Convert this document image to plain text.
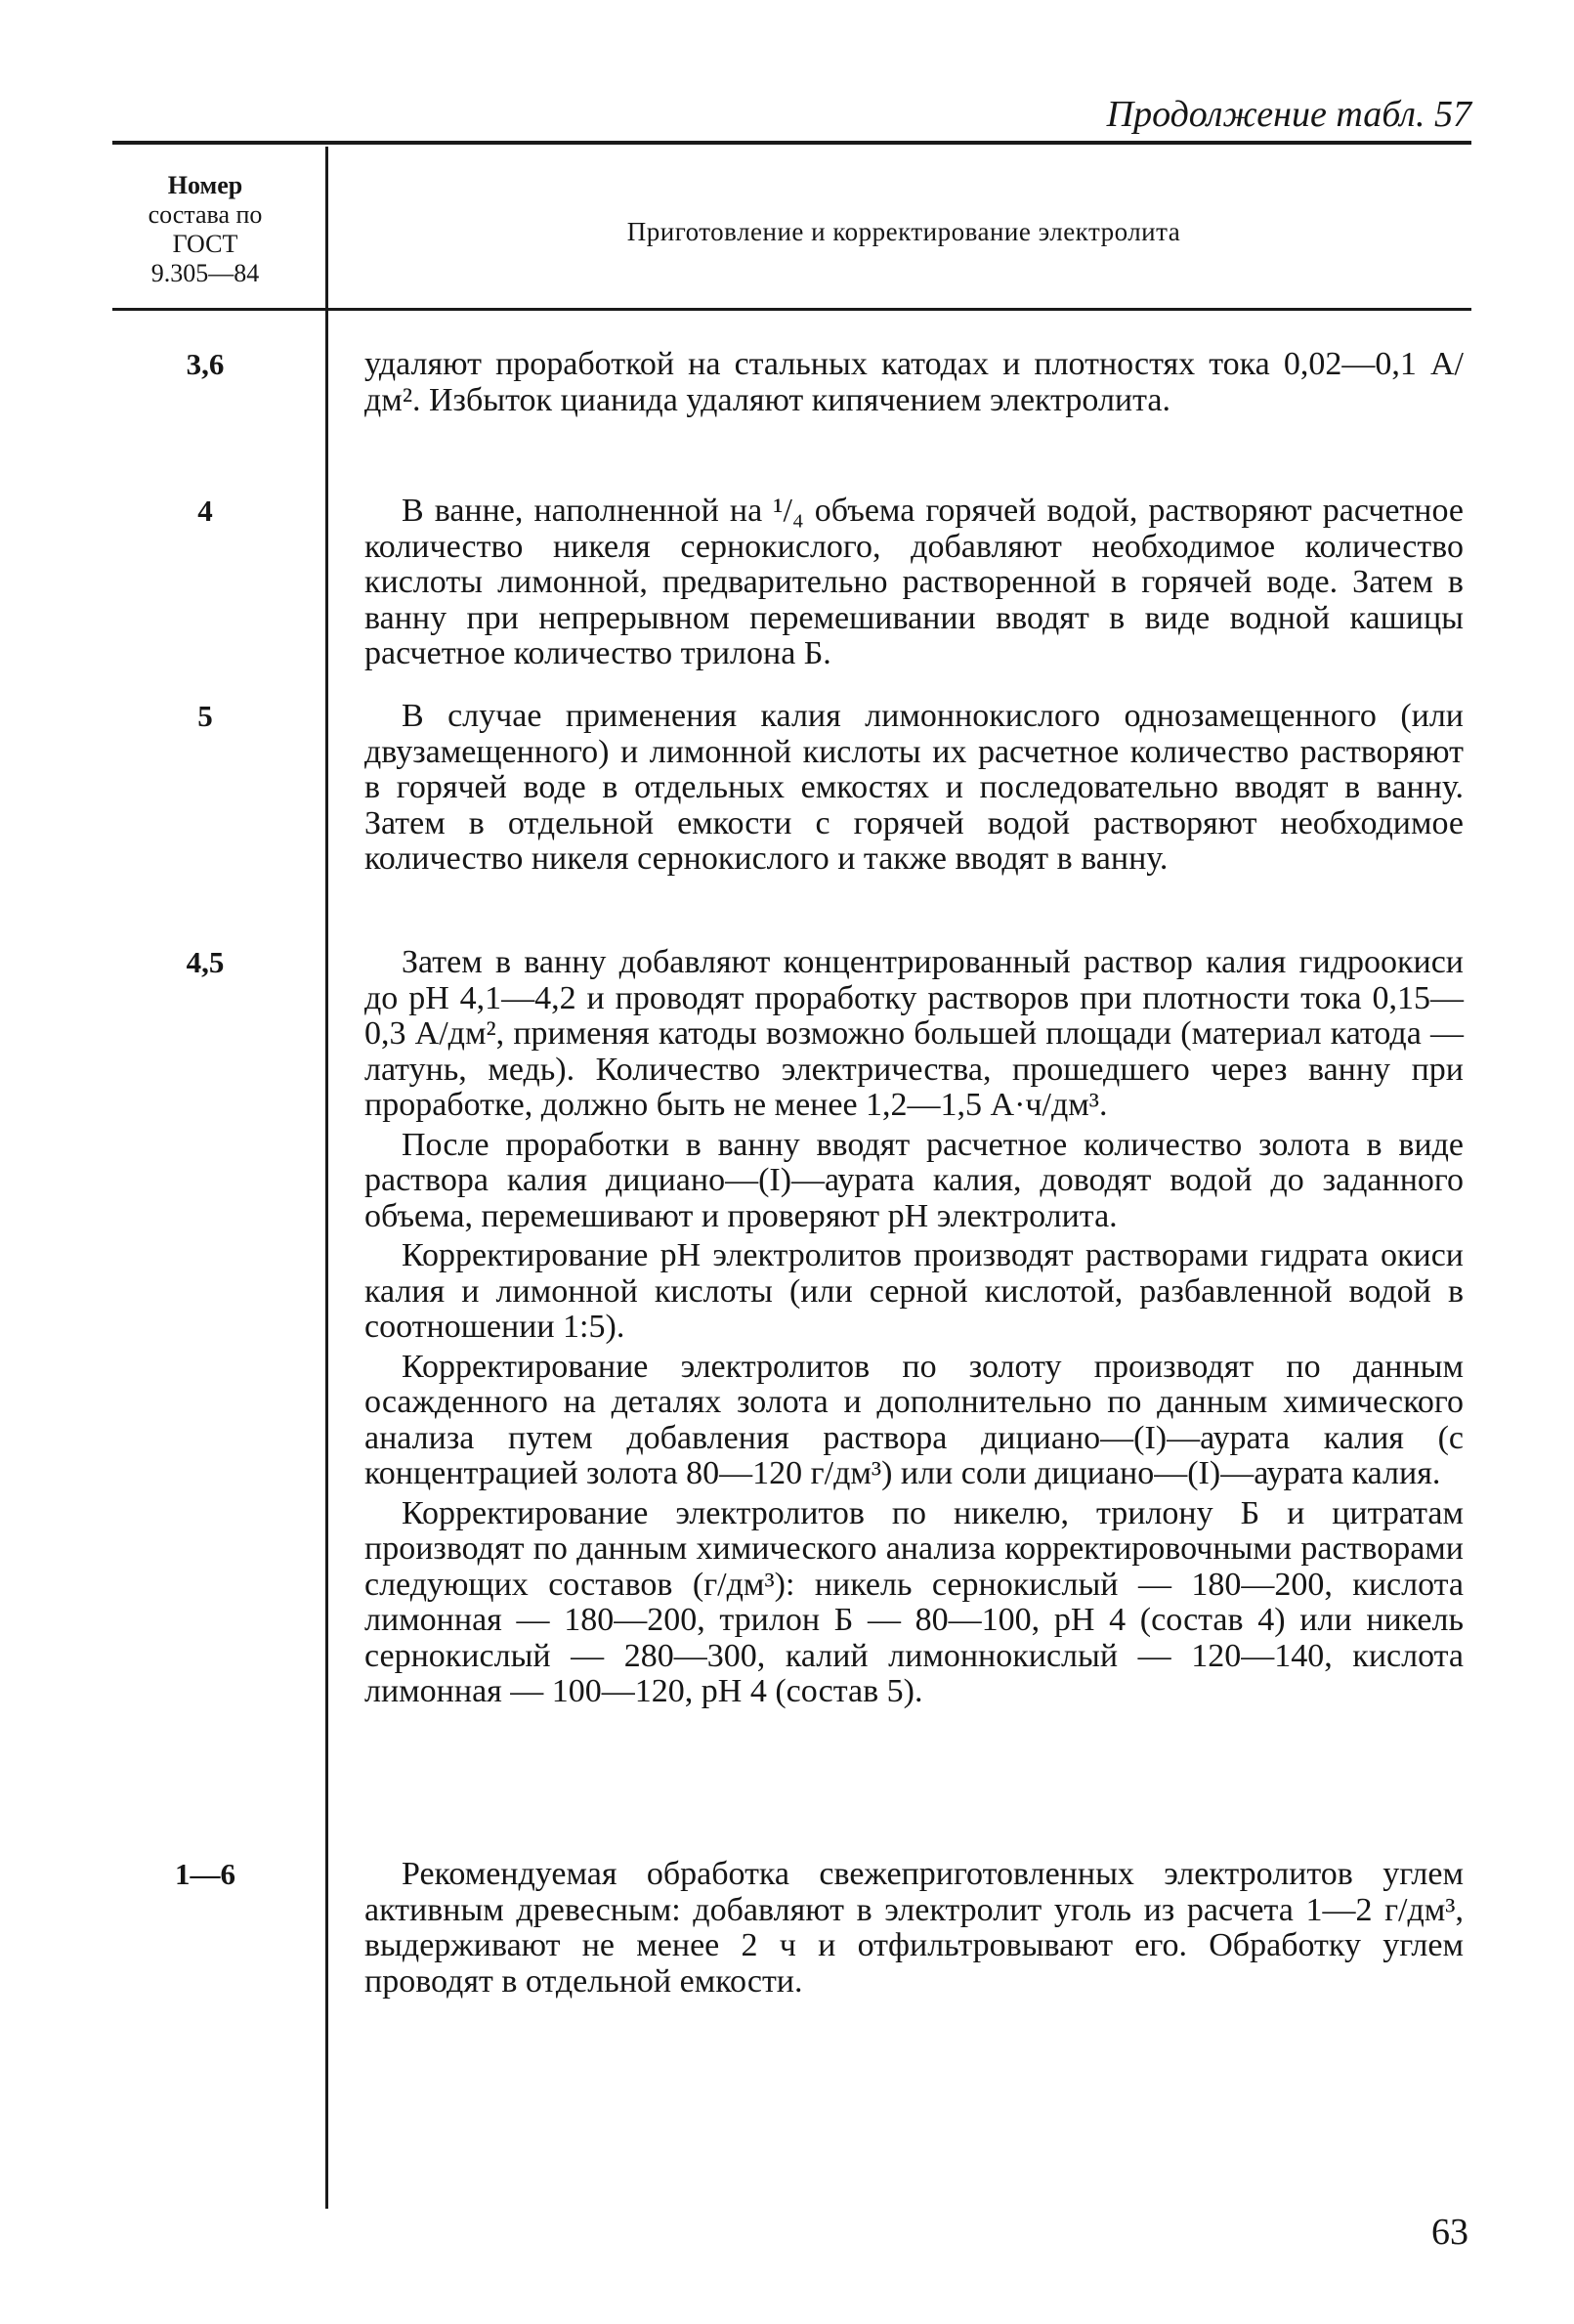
Продолжение табл. 57
Номер
состава по
ГОСТ
9.305—84
Приготовление и корректирование электролита
3,6	удаляют проработкой на стальных катодах и плотностях тока 0,02—0,1 А/дм². Избыток цианида удаляют кипячением электролита.

4	В ванне, наполненной на ¹/₄ объема горячей водой, растворяют расчетное количество никеля сернокислого, добавляют необходимое количество кислоты лимонной, предварительно растворенной в горячей воде. Затем в ванну при непрерывном перемешивании вводят в виде водной кашицы расчетное количество трилона Б.

5	В случае применения калия лимоннокислого однозамещенного (или двузамещенного) и лимонной кислоты их расчетное количество растворяют в горячей воде в отдельных емкостях и последовательно вводят в ванну. Затем в отдельной емкости с горячей водой растворяют необходимое количество никеля сернокислого и также вводят в ванну.

4,5	Затем в ванну добавляют концентрированный раствор калия гидроокиси до pH 4,1—4,2 и проводят проработку растворов при плотности тока 0,15—0,3 А/дм², применяя катоды возможно большей площади (материал катода — латунь, медь). Количество электричества, прошедшего через ванну при проработке, должно быть не менее 1,2—1,5 А·ч/дм³.

После проработки в ванну вводят расчетное количество золота в виде раствора калия дициано—(I)—аурата калия, доводят водой до заданного объема, перемешивают и проверяют pH электролита.

Корректирование pH электролитов производят растворами гидрата окиси калия и лимонной кислоты (или серной кислотой, разбавленной водой в соотношении 1:5).

Корректирование электролитов по золоту производят по данным осажденного на деталях золота и дополнительно по данным химического анализа путем добавления раствора дициано—(I)—аурата калия (с концентрацией золота 80—120 г/дм³) или соли дициано—(I)—аурата калия.

Корректирование электролитов по никелю, трилону Б и цитратам производят по данным химического анализа корректировочными растворами следующих составов (г/дм³): никель сернокислый — 180—200, кислота лимонная — 180—200, трилон Б — 80—100, pH 4 (состав 4) или никель сернокислый — 280—300, калий лимоннокислый — 120—140, кислота лимонная — 100—120, pH 4 (состав 5).

1—6	Рекомендуемая обработка свежеприготовленных электролитов углем активным древесным: добавляют в электролит уголь из расчета 1—2 г/дм³, выдерживают не менее 2 ч и отфильтровывают его. Обработку углем проводят в отдельной емкости.

63
